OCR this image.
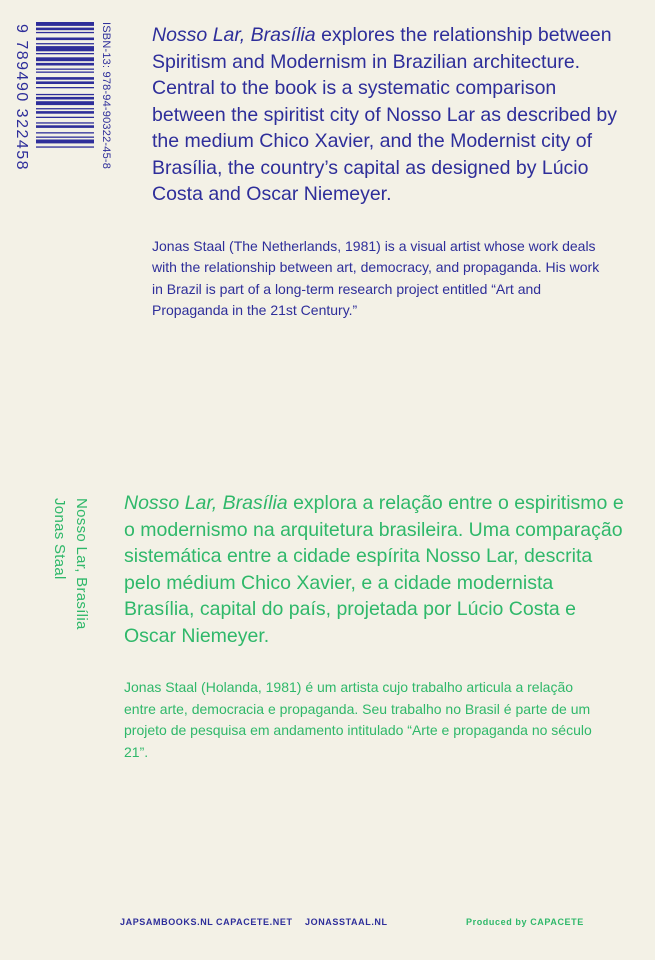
9 789490 322458	ISBN-13: 978-94-90322-45-8
Nosso Lar, Brasília
Jonas Staal

Nosso Lar, Brasília explores the relationship between Spiritism and Modernism in Brazilian architecture. Central to the book is a systematic comparison between the spiritist city of Nosso Lar as described by the medium Chico Xavier, and the Modernist city of Brasília, the country’s capital as designed by Lúcio Costa and Oscar Niemeyer.

Jonas Staal (The Netherlands, 1981) is a visual artist whose work deals with the relationship between art, democracy, and propaganda. His work in Brazil is part of a long-term research project entitled “Art and Propaganda in the 21st Century.”

Nosso Lar, Brasília explora a relação entre o espiritismo e o modernismo na arquitetura brasileira. Uma comparação sistemática entre a cidade espírita Nosso Lar, descrita pelo médium Chico Xavier, e a cidade modernista Brasília, capital do país, projetada por Lúcio Costa e Oscar Niemeyer.

Jonas Staal (Holanda, 1981) é um artista cujo trabalho articula a relação entre arte, democracia e propaganda. Seu trabalho no Brasil é parte de um projeto de pesquisa em andamento intitulado “Arte e propaganda no século 21”.

JAPSAMBOOKS.NL CAPACETE.NET JONASSTAAL.NL	Produced by CAPACETE
